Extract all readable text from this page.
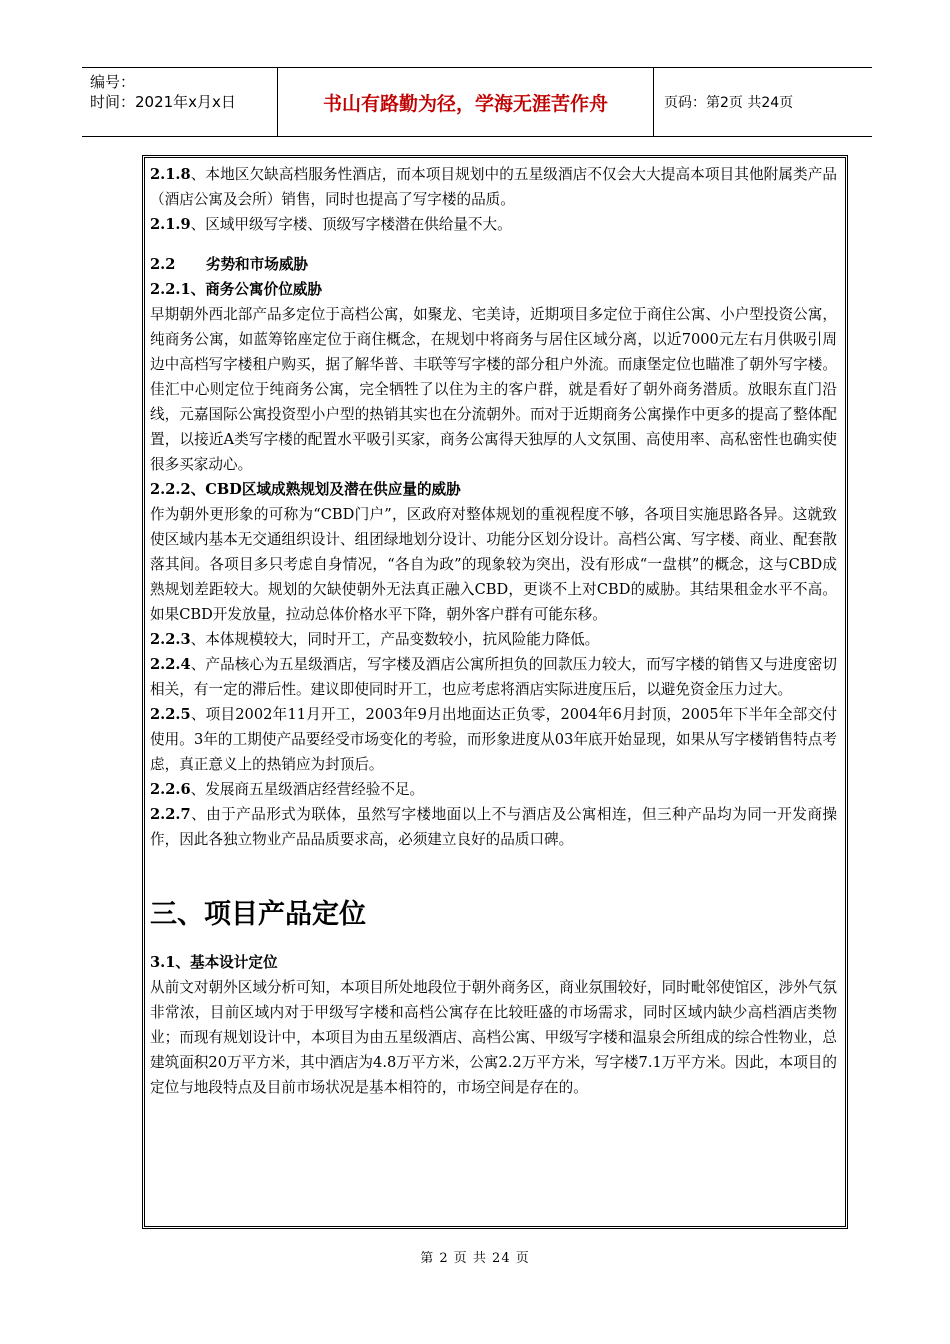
编号：
时间：2021年x月x日	书山有路勤为径，学海无涯苦作舟	页码：第2页 共24页

2.1.8、本地区欠缺高档服务性酒店，而本项目规划中的五星级酒店不仅会大大提高本项目其他附属类产品（酒店公寓及会所）销售，同时也提高了写字楼的品质。

2.1.9、区域甲级写字楼、顶级写字楼潜在供给量不大。

2.2      劣势和市场威胁

2.2.1、商务公寓价位威胁

早期朝外西北部产品多定位于高档公寓，如聚龙、宅美诗，近期项目多定位于商住公寓、小户型投资公寓，纯商务公寓，如蓝筹铭座定位于商住概念，在规划中将商务与居住区域分离，以近7000元左右月供吸引周边中高档写字楼租户购买，据了解华普、丰联等写字楼的部分租户外流。而康堡定位也瞄准了朝外写字楼。佳汇中心则定位于纯商务公寓，完全牺牲了以住为主的客户群，就是看好了朝外商务潜质。放眼东直门沿线，元嘉国际公寓投资型小户型的热销其实也在分流朝外。而对于近期商务公寓操作中更多的提高了整体配置，以接近A类写字楼的配置水平吸引买家，商务公寓得天独厚的人文氛围、高使用率、高私密性也确实使很多买家动心。

2.2.2、CBD区域成熟规划及潜在供应量的威胁

作为朝外更形象的可称为“CBD门户”，区政府对整体规划的重视程度不够，各项目实施思路各异。这就致使区域内基本无交通组织设计、组团绿地划分设计、功能分区划分设计。高档公寓、写字楼、商业、配套散落其间。各项目多只考虑自身情况，“各自为政”的现象较为突出，没有形成“一盘棋”的概念，这与CBD成熟规划差距较大。规划的欠缺使朝外无法真正融入CBD，更谈不上对CBD的威胁。其结果租金水平不高。如果CBD开发放量，拉动总体价格水平下降，朝外客户群有可能东移。

2.2.3、本体规模较大，同时开工，产品变数较小，抗风险能力降低。

2.2.4、产品核心为五星级酒店，写字楼及酒店公寓所担负的回款压力较大，而写字楼的销售又与进度密切相关，有一定的滞后性。建议即使同时开工，也应考虑将酒店实际进度压后，以避免资金压力过大。

2.2.5、项目2002年11月开工，2003年9月出地面达正负零，2004年6月封顶，2005年下半年全部交付使用。3年的工期使产品要经受市场变化的考验，而形象进度从03年底开始显现，如果从写字楼销售特点考虑，真正意义上的热销应为封顶后。

2.2.6、发展商五星级酒店经营经验不足。

2.2.7、由于产品形式为联体，虽然写字楼地面以上不与酒店及公寓相连，但三种产品均为同一开发商操作，因此各独立物业产品品质要求高，必须建立良好的品质口碑。

三、项目产品定位

3.1、基本设计定位

从前文对朝外区域分析可知，本项目所处地段位于朝外商务区，商业氛围较好，同时毗邻使馆区，涉外气氛非常浓，目前区域内对于甲级写字楼和高档公寓存在比较旺盛的市场需求，同时区域内缺少高档酒店类物业；而现有规划设计中，本项目为由五星级酒店、高档公寓、甲级写字楼和温泉会所组成的综合性物业，总建筑面积20万平方米，其中酒店为4.8万平方米，公寓2.2万平方米，写字楼7.1万平方米。因此，本项目的定位与地段特点及目前市场状况是基本相符的，市场空间是存在的。

第 2 页 共 24 页
